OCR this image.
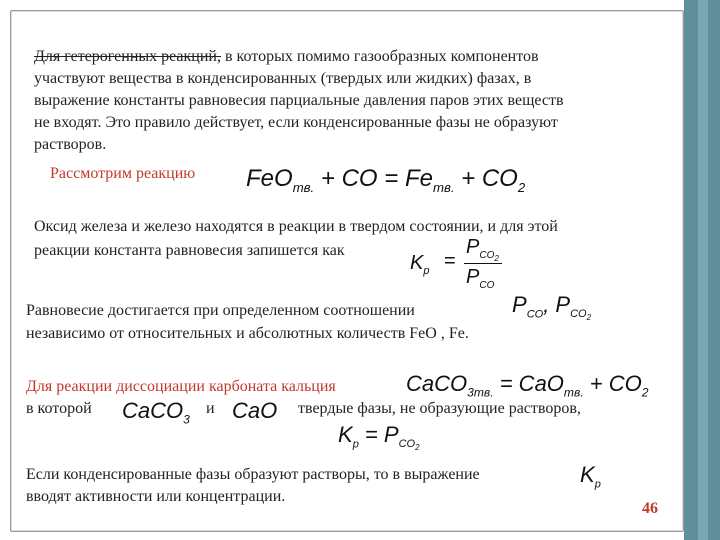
Для гетерогенных реакций, в которых помимо газообразных компонентов
участвуют вещества в конденсированных (твердых или жидких) фазах, в
выражение константы равновесия парциальные давления паров этих веществ
не входят. Это правило действует, если конденсированные фазы не образуют
растворов.
Рассмотрим реакцию FeO$_{тв.}$ + CO = $Fe_{тв.} + CO_2$
Оксид железа и железо находятся в реакции в твердом состоянии, и для этой
реакции константа равновесия запишется как
$K_p$ =
$P_{CO_2}$
$P_{CO}$
Равновесие достигается при определенном соотношении
независимо от относительных и абсолютных количеств FeO , Fe.
$P_{CO}$, $P_{CO_2}$
Для реакции диссоциации карбоната кальция	CaCO$_{3тв.}$ = $CaO_{тв.} + CO_2$
в которой CaCO$_3$
и CaO твердые фазы, не образующие растворов,
$K_p = P_{CO_2}$
Если конденсированные фазы образуют растворы, то в выражение
вводят активности или концентрации.
$K_p$
46
